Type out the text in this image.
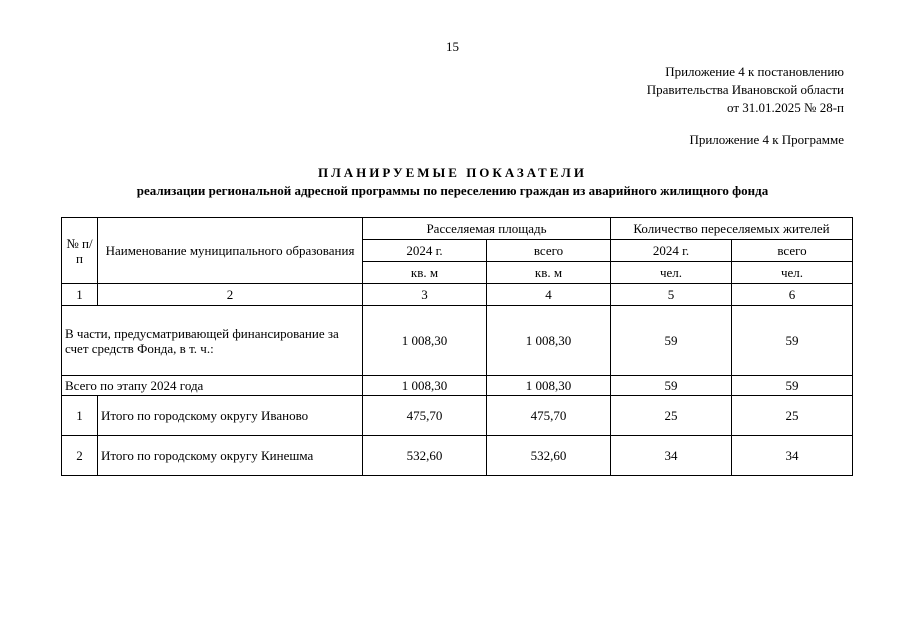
15
Приложение 4 к постановлению
Правительства Ивановской области
от 31.01.2025 № 28-п
Приложение 4 к Программе
ПЛАНИРУЕМЫЕ ПОКАЗАТЕЛИ
реализации региональной адресной программы по переселению граждан из аварийного жилищного фонда
№ п/п	Наименование муниципального образования	Расселяемая площадь		Количество переселяемых жителей	
		2024 г.	всего	2024 г.	всего
		кв. м	кв. м	чел.	чел.
1	2	3	4	5	6
В части, предусматривающей финансирование за счет средств Фонда, в т. ч.:		1 008,30	1 008,30	59	59
Всего по этапу 2024 года		1 008,30	1 008,30	59	59
1	Итого по городскому округу Иваново	475,70	475,70	25	25
2	Итого по городскому округу Кинешма	532,60	532,60	34	34
